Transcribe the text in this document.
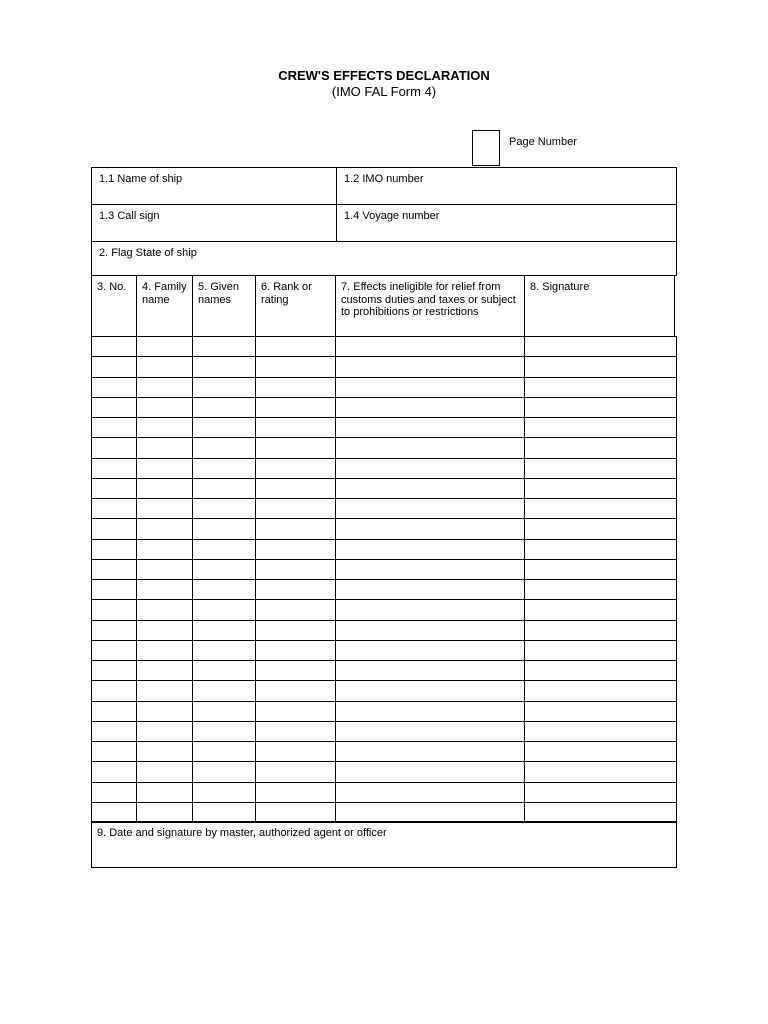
CREW'S EFFECTS DECLARATION
(IMO FAL Form 4)
Page Number
1.1 Name of ship	1.2 IMO number
1.3 Call sign	1.4 Voyage number
2. Flag State of ship
3. No. 4. Family name
5. Given names
6. Rank or rating
7. Effects ineligible for relief from customs duties and taxes or subject to prohibitions or restrictions
8. Signature
9. Date and signature by master, authorized agent or officer
